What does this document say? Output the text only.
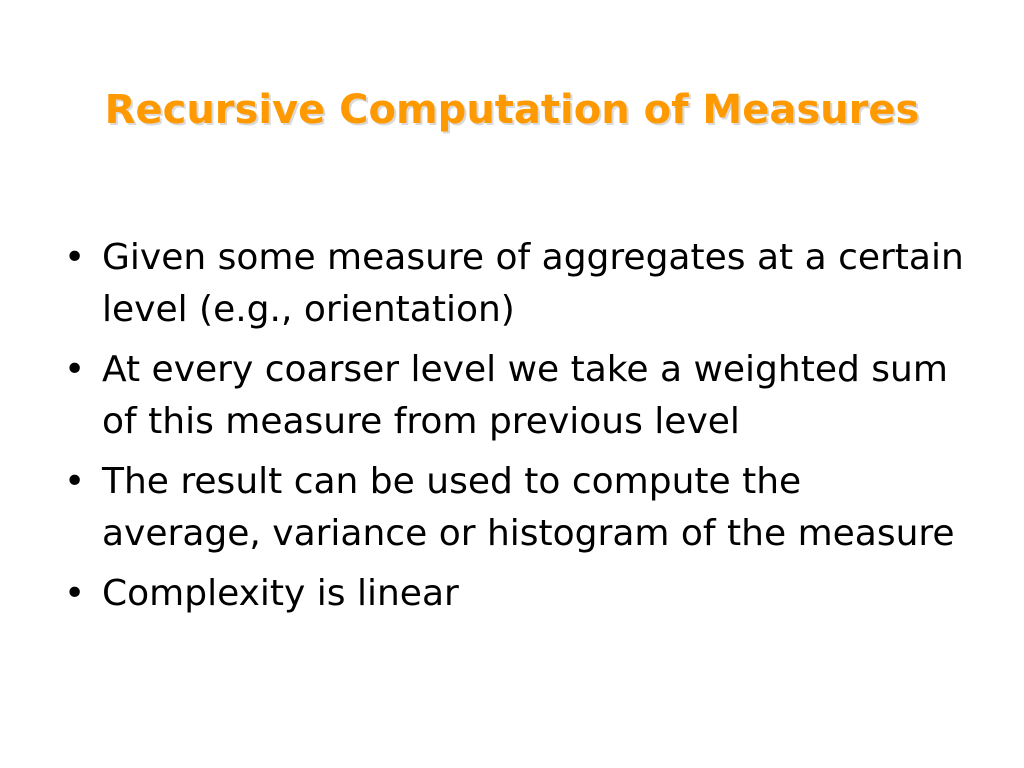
Recursive Computation of Measures
• Given some measure of aggregates at a certain level (e.g., orientation)
• At every coarser level we take a weighted sum of this measure from previous level
• The result can be used to compute the average, variance or histogram of the measure
• Complexity is linear
